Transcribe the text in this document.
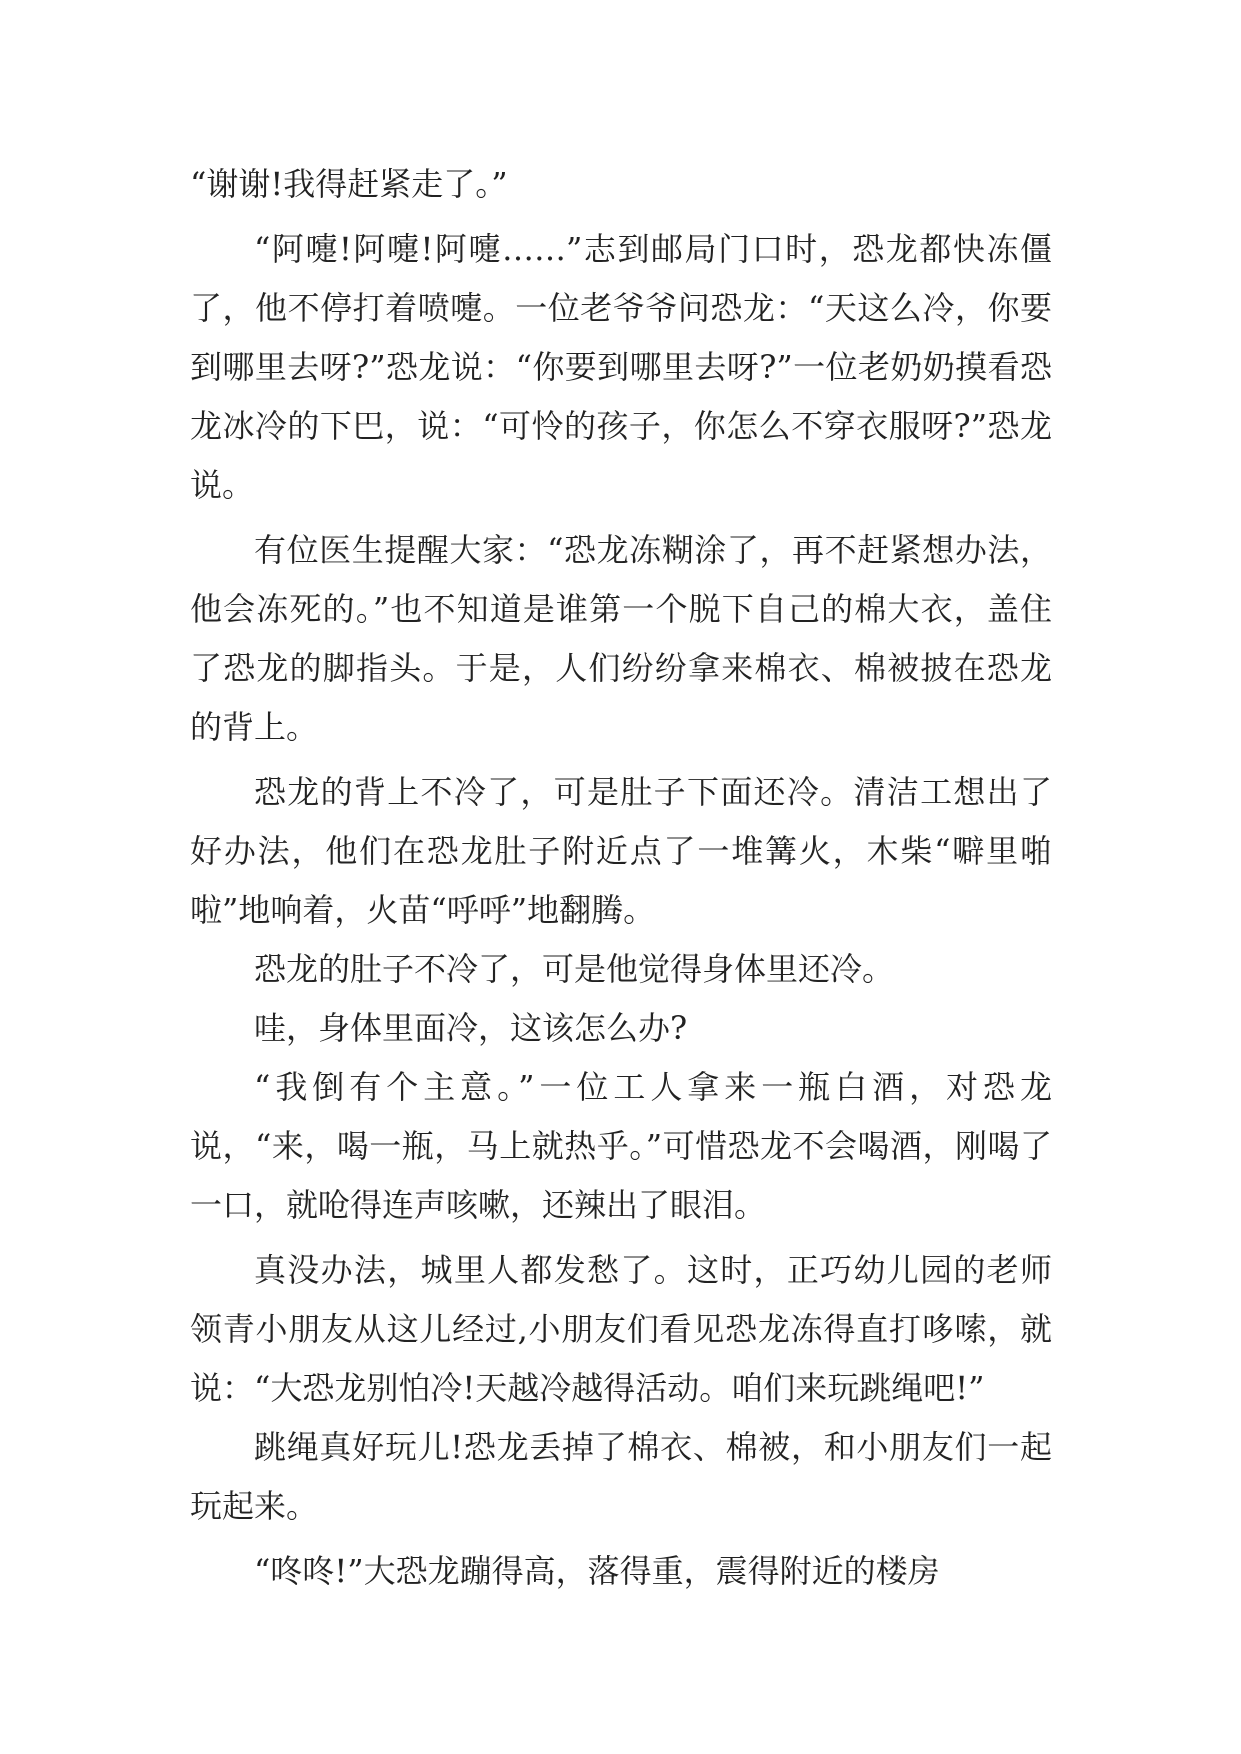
“谢谢!我得赶紧走了。”

“阿嚏!阿嚏!阿嚏……”志到邮局门口时，恐龙都快冻僵了，他不停打着喷嚏。一位老爷爷问恐龙：“天这么冷，你要到哪里去呀?”恐龙说：“你要到哪里去呀?”一位老奶奶摸看恐龙冰冷的下巴，说：“可怜的孩子，你怎么不穿衣服呀?”恐龙说。

有位医生提醒大家：“恐龙冻糊涂了，再不赶紧想办法，他会冻死的。”也不知道是谁第一个脱下自己的棉大衣，盖住了恐龙的脚指头。于是，人们纷纷拿来棉衣、棉被披在恐龙的背上。

恐龙的背上不冷了，可是肚子下面还冷。清洁工想出了好办法，他们在恐龙肚子附近点了一堆篝火，木柴“噼里啪啦”地响着，火苗“呼呼”地翻腾。

恐龙的肚子不冷了，可是他觉得身体里还冷。

哇，身体里面冷，这该怎么办?

“我倒有个主意。”一位工人拿来一瓶白酒，对恐龙说，“来，喝一瓶，马上就热乎。”可惜恐龙不会喝酒，刚喝了一口，就呛得连声咳嗽，还辣出了眼泪。

真没办法，城里人都发愁了。这时，正巧幼儿园的老师领青小朋友从这儿经过,小朋友们看见恐龙冻得直打哆嗦，就说：“大恐龙别怕冷!天越冷越得活动。咱们来玩跳绳吧!”

跳绳真好玩儿!恐龙丢掉了棉衣、棉被，和小朋友们一起玩起来。

“咚咚!”大恐龙蹦得高，落得重，震得附近的楼房
